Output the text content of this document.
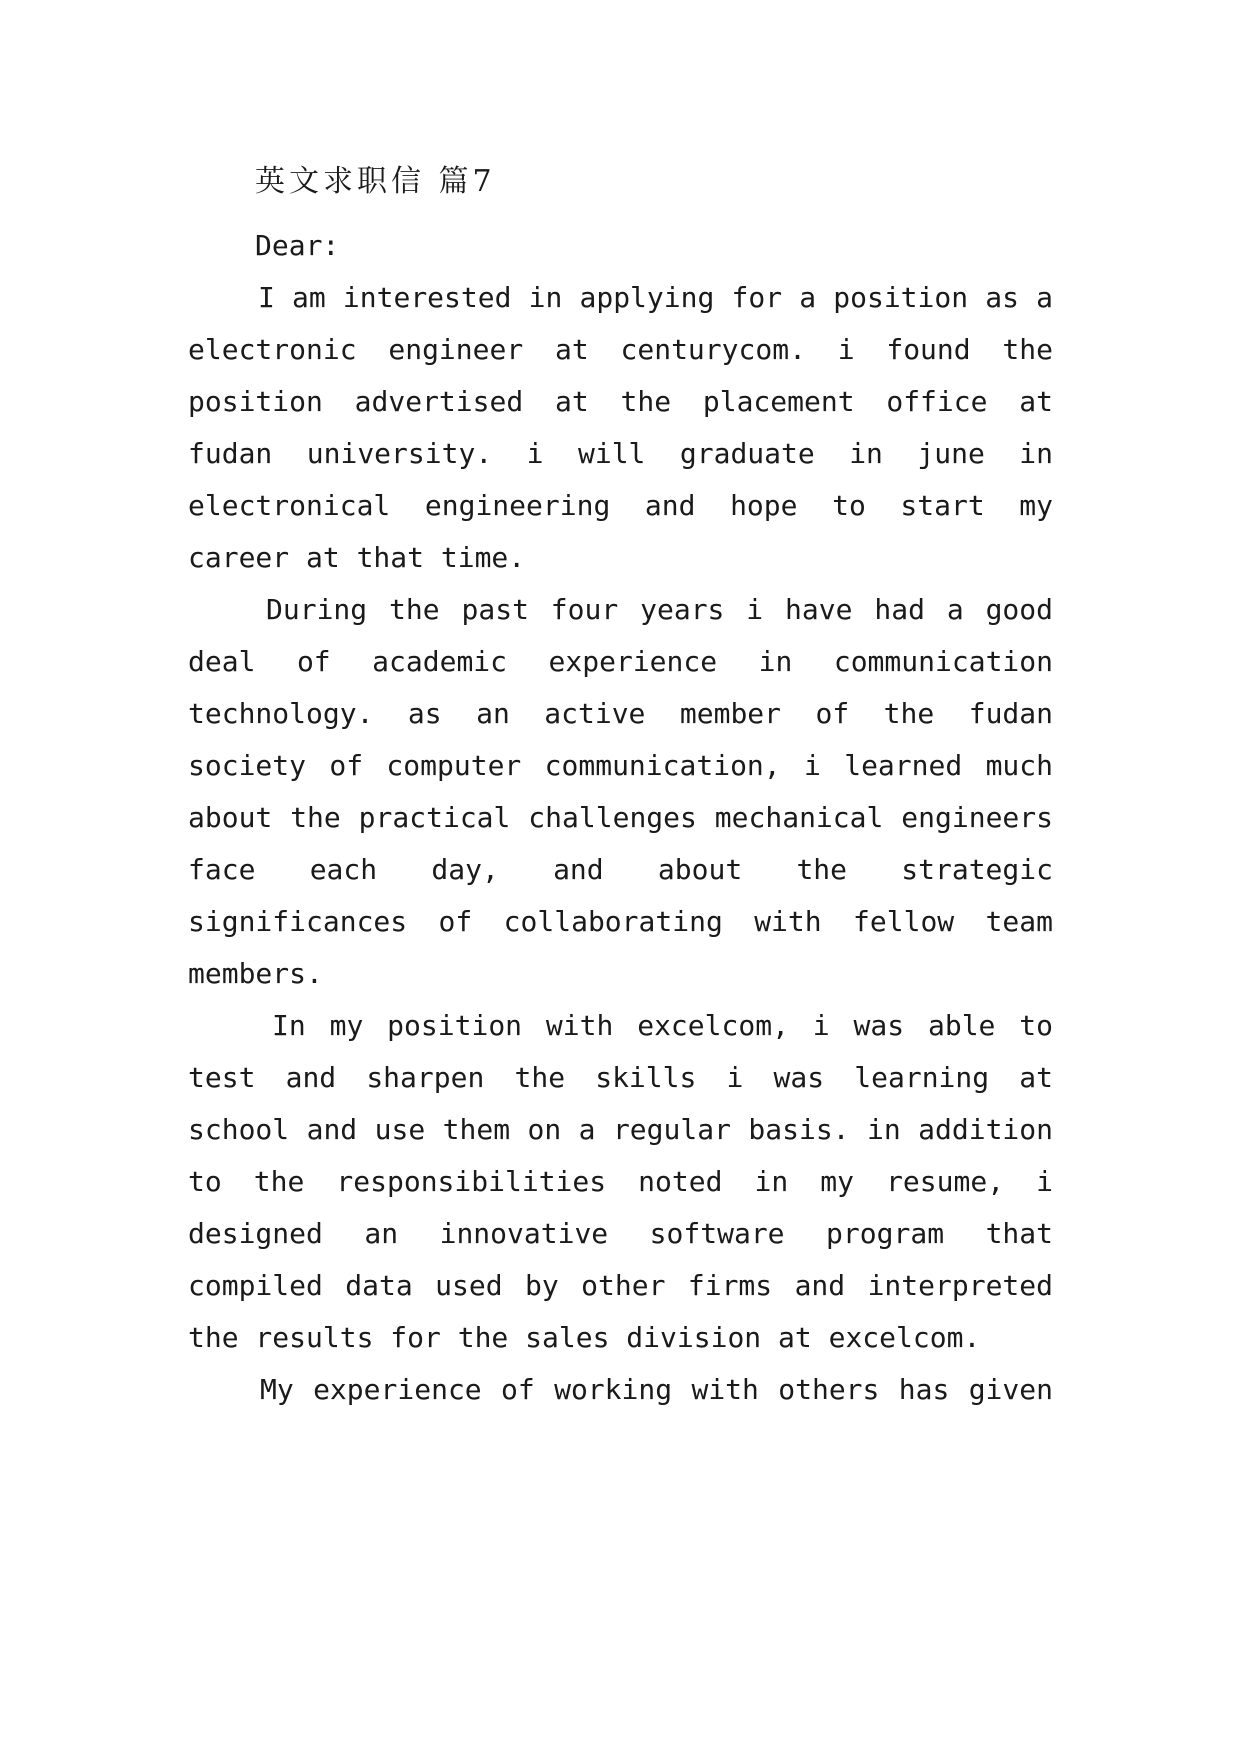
英文求职信 篇7
Dear:
I am interested in applying for a position as a
electronic engineer at centurycom. i found the
position advertised at the placement office at
fudan university. i will graduate in june in
electronical engineering and hope to start my
career at that time.
During the past four years i have had a good
deal of academic experience in communication
technology. as an active member of the fudan
society of computer communication, i learned much
about the practical challenges mechanical engineers
face each day, and about the strategic
significances of collaborating with fellow team
members.
In my position with excelcom, i was able to
test and sharpen the skills i was learning at
school and use them on a regular basis. in addition
to the responsibilities noted in my resume, i
designed an innovative software program that
compiled data used by other firms and interpreted
the results for the sales division at excelcom.
My experience of working with others has given
